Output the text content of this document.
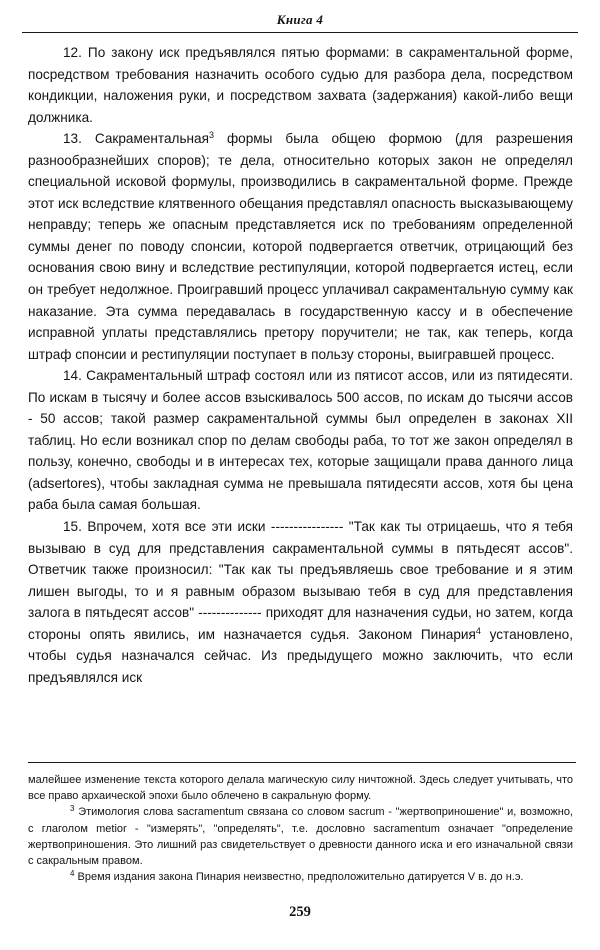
Книга 4

12. По закону иск предъявлялся пятью формами: в сакраментальной форме, посредством требования назначить особого судью для разбора дела, посредством кондикции, наложения руки, и посредством захвата (задержания) какой-либо вещи должника.

13. Сакраментальная$^3$ формы была общею формою (для разрешения разнообразнейших споров); те дела, относительно которых закон не определял специальной исковой формулы, производились в сакраментальной форме. Прежде этот иск вследствие клятвенного обещания представлял опасность высказывающему неправду; теперь же опасным представляется иск по требованиям определенной суммы денег по поводу спонсии, которой подвергается ответчик, отрицающий без основания свою вину и вследствие рестипуляции, которой подвергается истец, если он требует недолжное. Проигравший процесс уплачивал сакраментальную сумму как наказание. Эта сумма передавалась в государственную кассу и в обеспечение исправной уплаты представлялись претору поручители; не так, как теперь, когда штраф спонсии и рестипуляции поступает в пользу стороны, выигравшей процесс.

14. Сакраментальный штраф состоял или из пятисот ассов, или из пятидесяти. По искам в тысячу и более ассов взыскивалось 500 ассов, по искам до тысячи ассов - 50 ассов; такой размер сакраментальной суммы был определен в законах XII таблиц. Но если возникал спор по делам свободы раба, то тот же закон определял в пользу, конечно, свободы и в интересах тех, которые защищали права данного лица (adsertores), чтобы закладная сумма не превышала пятидесяти ассов, хотя бы цена раба была самая большая.

15. Впрочем, хотя все эти иски ---------------- "Так как ты отрицаешь, что я тебя вызываю в суд для представления сакраментальной суммы в пятьдесят ассов". Ответчик также произносил: "Так как ты предъявляешь свое требование и я этим лишен выгоды, то и я равным образом вызываю тебя в суд для представления залога в пятьдесят ассов" -------------- приходят для назначения судьи, но затем, когда стороны опять явились, им назначается судья. Законом Пинария$^4$ установлено, чтобы судья назначался сейчас. Из предыдущего можно заключить, что если предъявлялся иск

малейшее изменение текста которого делала магическую силу ничтожной. Здесь следует учитывать, что все право архаической эпохи было облечено в сакральную форму.

$^3$ Этимология слова sacramentum связана со словом sacrum - "жертвоприношение" и, возможно, с глаголом metior - "измерять", "определять", т.е. дословно sacramentum означает "определение жертвоприношения. Это лишний раз свидетельствует о древности данного иска и его изначальной связи с сакральным правом.

$^4$ Время издания закона Пинария неизвестно, предположительно датируется V в. до н.э.

259
